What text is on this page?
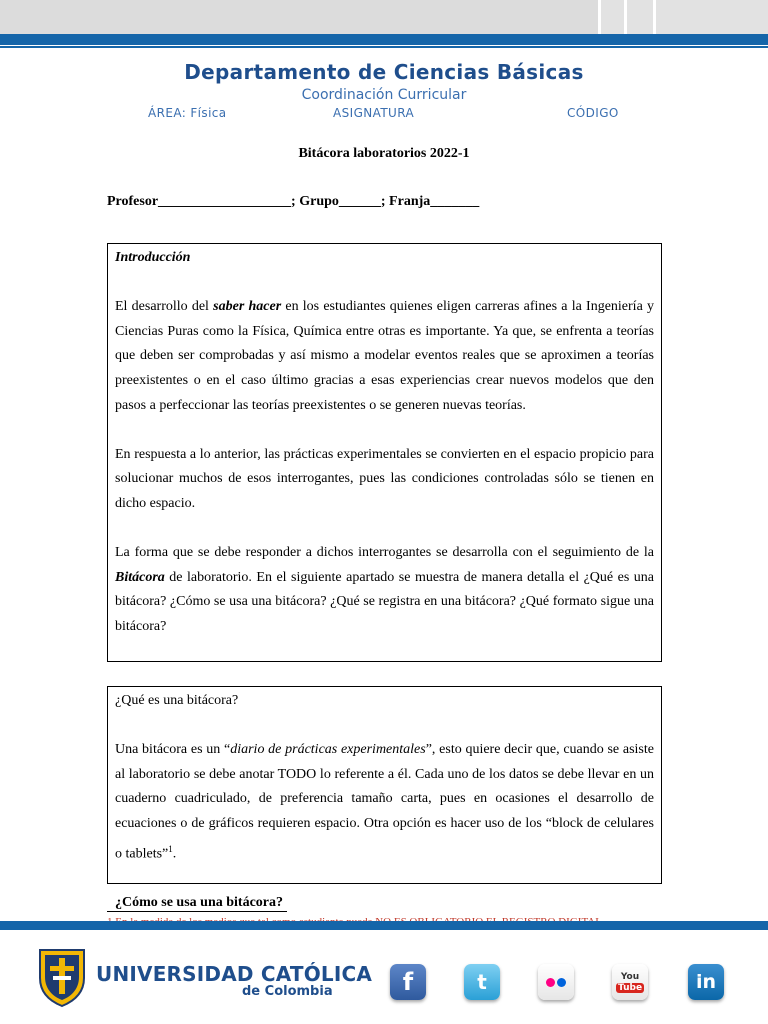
Departamento de Ciencias Básicas
Coordinación Curricular
ÁREA: Física	ASIGNATURA	CÓDIGO
Bitácora laboratorios 2022-1
Profesor___________________; Grupo______; Franja_______

Introducción

El desarrollo del saber hacer en los estudiantes quienes eligen carreras afines a la Ingeniería y Ciencias Puras como la Física, Química entre otras es importante. Ya que, se enfrenta a teorías que deben ser comprobadas y así mismo a modelar eventos reales que se aproximen a teorías preexistentes o en el caso último gracias a esas experiencias crear nuevos modelos que den pasos a perfeccionar las teorías preexistentes o se generen nuevas teorías.

En respuesta a lo anterior, las prácticas experimentales se convierten en el espacio propicio para solucionar muchos de esos interrogantes, pues las condiciones controladas sólo se tienen en dicho espacio.

La forma que se debe responder a dichos interrogantes se desarrolla con el seguimiento de la Bitácora de laboratorio. En el siguiente apartado se muestra de manera detalla el ¿Qué es una bitácora? ¿Cómo se usa una bitácora? ¿Qué se registra en una bitácora? ¿Qué formato sigue una bitácora?

¿Qué es una bitácora?

Una bitácora es un “diario de prácticas experimentales”, esto quiere decir que, cuando se asiste al laboratorio se debe anotar TODO lo referente a él. Cada uno de los datos se debe llevar en un cuaderno cuadriculado, de preferencia tamaño carta, pues en ocasiones el desarrollo de ecuaciones o de gráficos requieren espacio. Otra opción es hacer uso de los “block de celulares o tablets”$^1$.

¿Cómo se usa una bitácora?

UNIVERSIDAD CATÓLICA
de Colombia	f	t	You
Tube	in
